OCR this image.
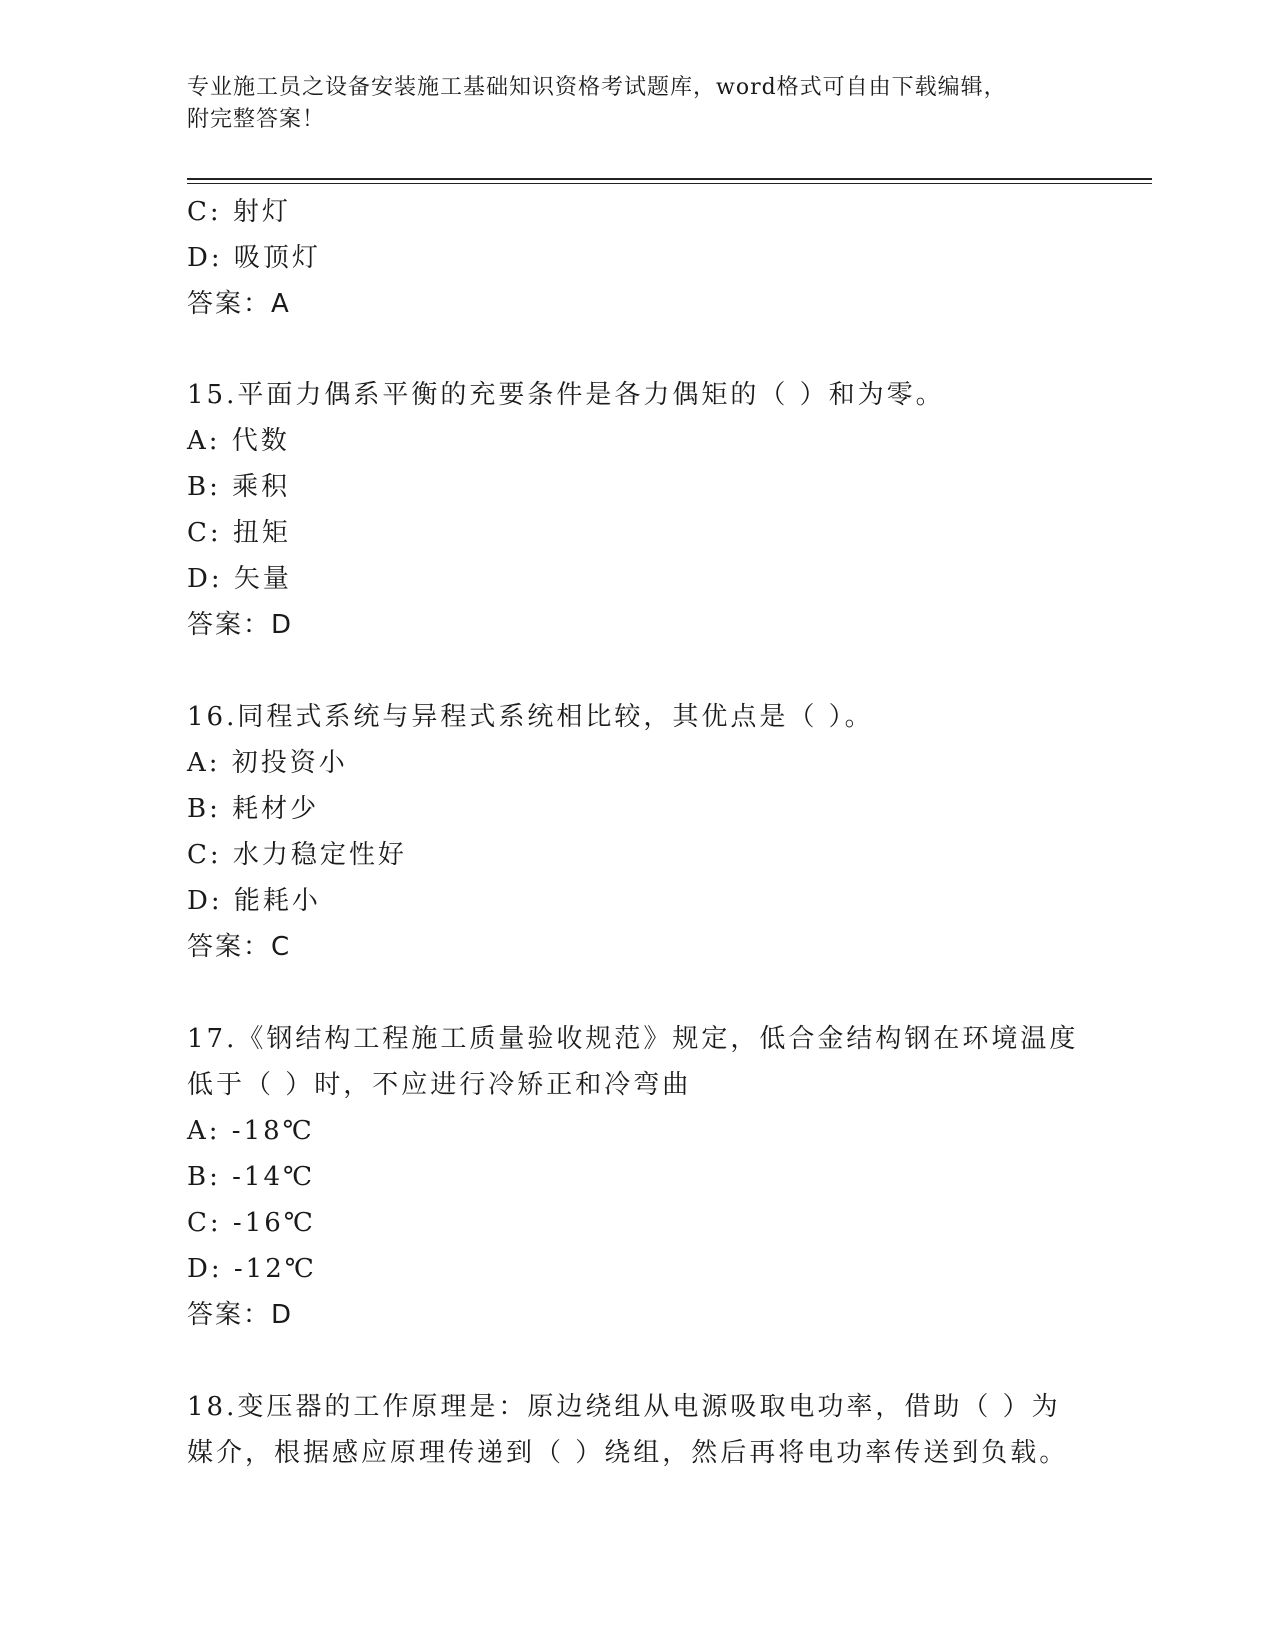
专业施工员之设备安装施工基础知识资格考试题库，word格式可自由下载编辑，
附完整答案！
C: 射灯
D: 吸顶灯
答案：A
15.平面力偶系平衡的充要条件是各力偶矩的（ ）和为零。
A: 代数
B: 乘积
C: 扭矩
D: 矢量
答案：D
16.同程式系统与异程式系统相比较，其优点是（ ）。
A: 初投资小
B: 耗材少
C: 水力稳定性好
D: 能耗小
答案：C
17.《钢结构工程施工质量验收规范》规定，低合金结构钢在环境温度
低于（ ）时，不应进行冷矫正和冷弯曲
A: -18℃
B: -14℃
C: -16℃
D: -12℃
答案：D
18.变压器的工作原理是：原边绕组从电源吸取电功率，借助（ ）为
媒介，根据感应原理传递到（ ）绕组，然后再将电功率传送到负载。
